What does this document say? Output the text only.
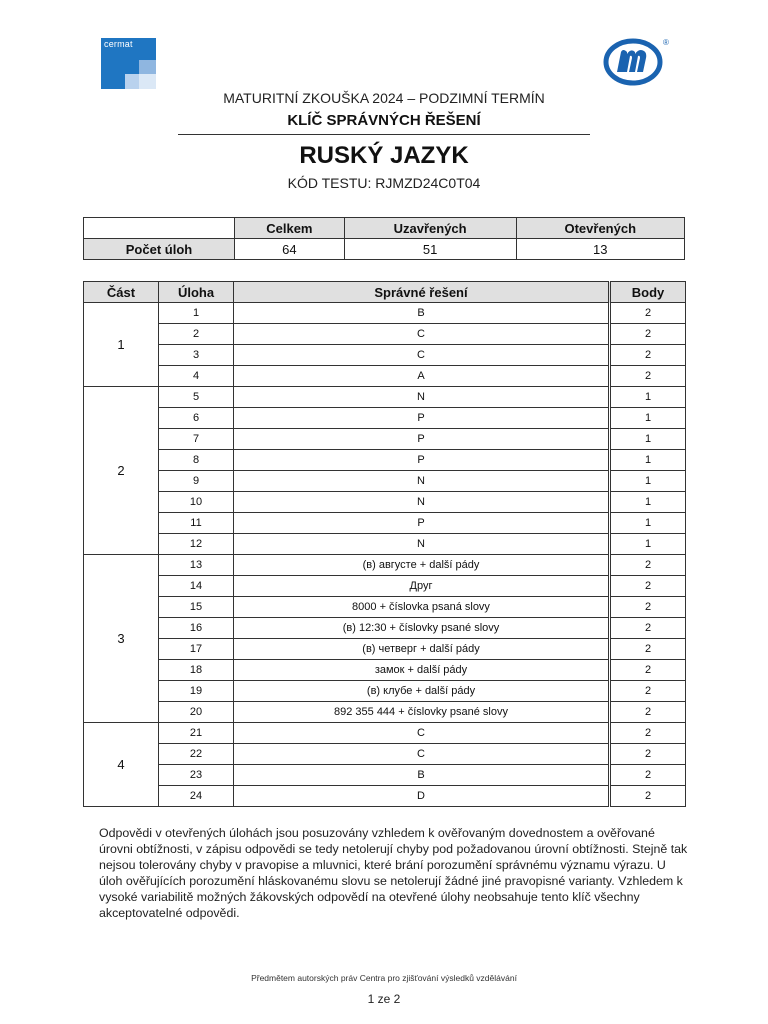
cermat	®
MATURITNÍ ZKOUŠKA 2024 – PODZIMNÍ TERMÍN
KLÍČ SPRÁVNÝCH ŘEŠENÍ
RUSKÝ JAZYK
KÓD TESTU: RJMZD24C0T04
	Celkem	Uzavřených	Otevřených
Počet úloh	64	51	13
Část	Úloha	Správné řešení	Body
1	1	B	2
	2	C	2
	3	C	2
	4	A	2
2	5	N	1
	6	P	1
	7	P	1
	8	P	1
	9	N	1
	10	N	1
	11	P	1
	12	N	1
3	13	(в) августе + další pády	2
	14	Друг	2
	15	8000 + číslovka psaná slovy	2
	16	(в) 12:30 + číslovky psané slovy	2
	17	(в) четверг + další pády	2
	18	замок + další pády	2
	19	(в) клубе + další pády	2
	20	892 355 444 + číslovky psané slovy	2
4	21	C	2
	22	C	2
	23	B	2
	24	D	2
Odpovědi v otevřených úlohách jsou posuzovány vzhledem k ověřovaným dovednostem a ověřované úrovni obtížnosti, v zápisu odpovědi se tedy netolerují chyby pod požadovanou úrovní obtížnosti. Stejně tak nejsou tolerovány chyby v pravopise a mluvnici, které brání porozumění správnému významu výrazu. U úloh ověřujících porozumění hláskovanému slovu se netolerují žádné jiné pravopisné varianty. Vzhledem k vysoké variabilitě možných žákovských odpovědí na otevřené úlohy neobsahuje tento klíč všechny akceptovatelné odpovědi.
Předmětem autorských práv Centra pro zjišťování výsledků vzdělávání
1 ze 2
